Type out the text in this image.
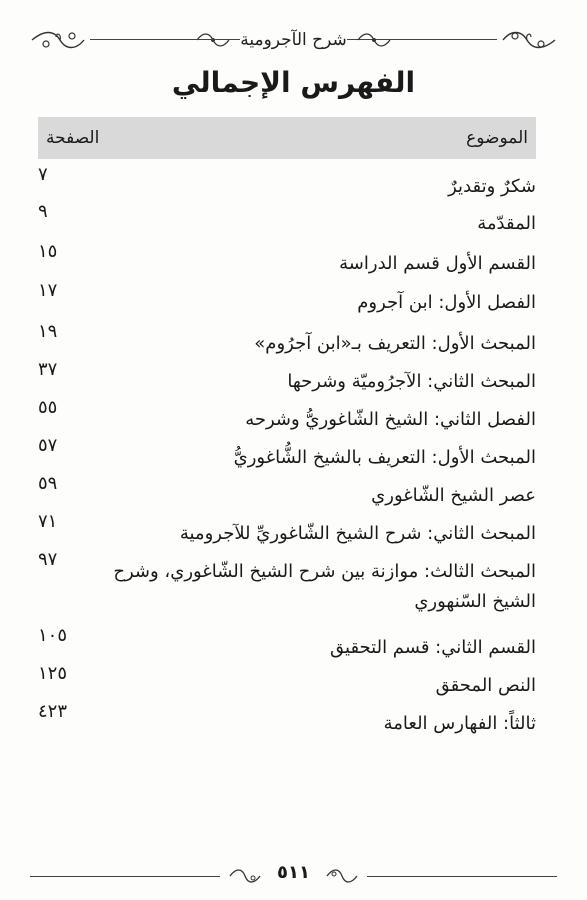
شرح الآجرومية
الفهرس الإجمالي
الموضوع
الصفحة
شكرٌ وتقديرٌ
٧
المقدّمة
٩
القسم الأول قسم الدراسة
١٥
الفصل الأول: ابن آجروم
١٧
المبحث الأول: التعريف بـ«ابن آجرُوم»
١٩
المبحث الثاني: الآجرُوميّة وشرحها
٣٧
الفصل الثاني: الشيخ الشّاغوريُّ وشرحه
٥٥
المبحث الأول: التعريف بالشيخ الشُّاغوريُّ
٥٧
عصر الشيخ الشّاغوري
٥٩
المبحث الثاني: شرح الشيخ الشّاغوريِّ للآجرومية
٧١
المبحث الثالث: موازنة بين شرح الشيخ الشّاغوري، وشرح الشيخ السّنهوري
٩٧
القسم الثاني: قسم التحقيق
١٠٥
النص المحقق
١٢٥
ثالثاً: الفهارس العامة
٤٢٣
٥١١
